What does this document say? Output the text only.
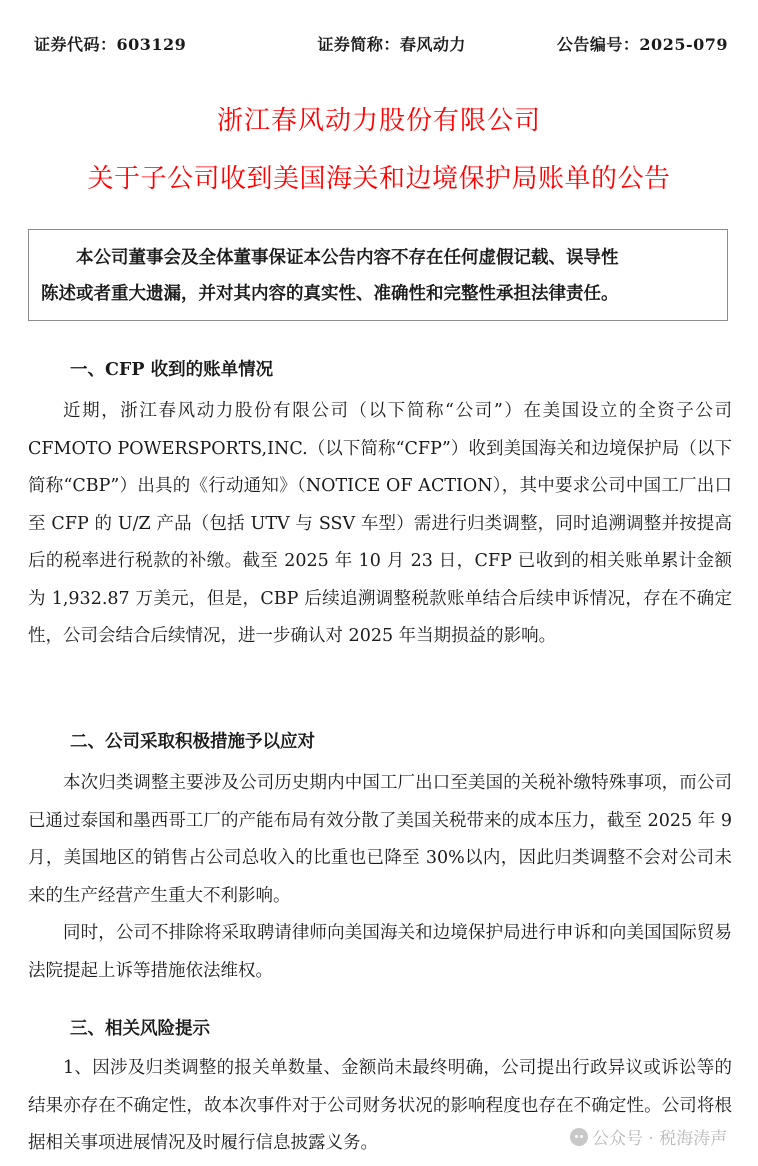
证券代码：603129	证券简称：春风动力	公告编号：2025-079
浙江春风动力股份有限公司
关于子公司收到美国海关和边境保护局账单的公告

本公司董事会及全体董事保证本公告内容不存在任何虚假记载、误导性

陈述或者重大遗漏，并对其内容的真实性、准确性和完整性承担法律责任。

一、CFP 收到的账单情况

近期，浙江春风动力股份有限公司（以下简称“公司”）在美国设立的全资子公司 CFMOTO POWERSPORTS,INC.（以下简称“CFP”）收到美国海关和边境保护局（以下简称“CBP”）出具的《行动通知》（NOTICE OF ACTION），其中要求公司中国工厂出口至 CFP 的 U/Z 产品（包括 UTV 与 SSV 车型）需进行归类调整，同时追溯调整并按提高后的税率进行税款的补缴。截至 2025 年 10 月 23 日，CFP 已收到的相关账单累计金额为 1,932.87 万美元，但是，CBP 后续追溯调整税款账单结合后续申诉情况，存在不确定性，公司会结合后续情况，进一步确认对 2025 年当期损益的影响。

二、公司采取积极措施予以应对

本次归类调整主要涉及公司历史期内中国工厂出口至美国的关税补缴特殊事项，而公司已通过泰国和墨西哥工厂的产能布局有效分散了美国关税带来的成本压力，截至 2025 年 9 月，美国地区的销售占公司总收入的比重也已降至 30%以内，因此归类调整不会对公司未来的生产经营产生重大不利影响。

同时，公司不排除将采取聘请律师向美国海关和边境保护局进行申诉和向美国国际贸易法院提起上诉等措施依法维权。

三、相关风险提示

1、因涉及归类调整的报关单数量、金额尚未最终明确，公司提出行政异议或诉讼等的结果亦存在不确定性，故本次事件对于公司财务状况的影响程度也存在不确定性。公司将根据相关事项进展情况及时履行信息披露义务。	公众号 · 税海涛声
